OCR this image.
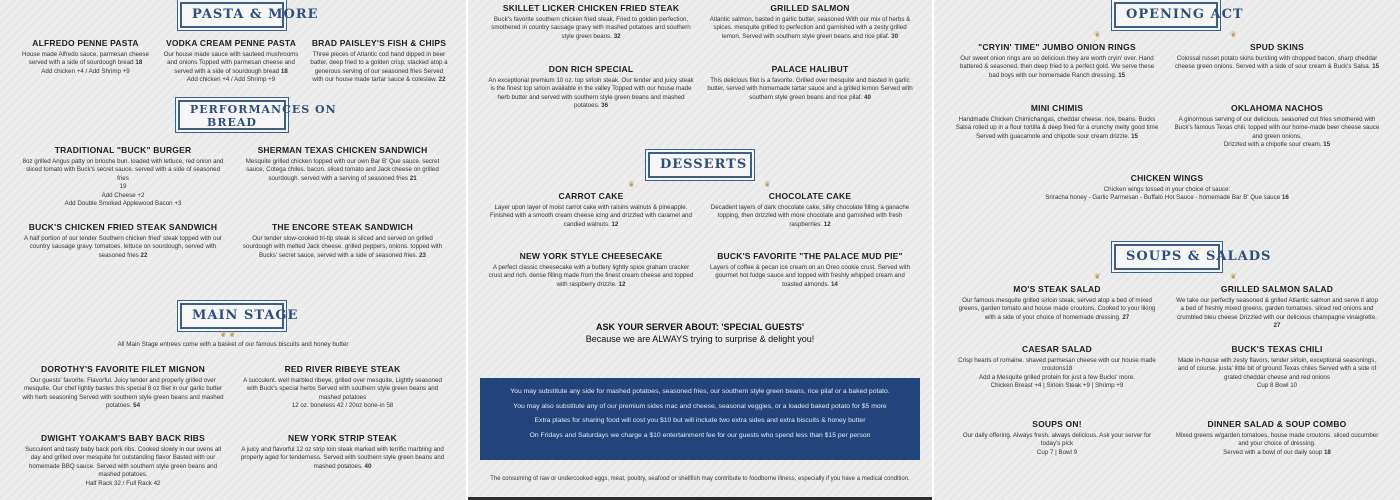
PASTA & MORE
ALFREDO PENNE PASTA
House made Alfredo sauce, parmesan cheese served with a side of sourdough bread 18
Add chicken +4 / Add Shrimp +9
VODKA CREAM PENNE PASTA
Our house made sauce with sauteed mushrooms and onions Topped with parmesan cheese and served with a side of sourdough bread 18
Add chicken +4 / Add Shrimp +9
BRAD PAISLEY'S FISH & CHIPS
Three pieces of Atlantic cod hand dipped in beer batter, deep fried to a golden crisp, stacked atop a generous serving of our seasoned fries Served with our house made tartar sauce & coleslaw. 22
PERFORMANCES ON
BREAD
TRADITIONAL "BUCK" BURGER
8oz grilled Angus patty on brioche bun. loaded with lettuce, red onion and sliced tomato with Buck's secret sauce. served with a side of seasoned fries
19
Add Cheese +2
Add Double Smoked Applewood Bacon +3
SHERMAN TEXAS CHICKEN SANDWICH
Mesquite grilled chicken topped with our own Bar B' Que sauce. secret sauce, Cotega chiles. bacon. sliced tomato and Jack cheese on grilled sourdough. served with a serving of seasoned fries 21
BUCK'S CHICKEN FRIED STEAK SANDWICH
A half portion of our tender Southern chicken fried' steak topped with our country sausage gravy. tomatoes. lettuce on sourdough, served with seasoned fries 22
THE ENCORE STEAK SANDWICH
Our tender slow-cooked tri-tip steak is sliced and served on grilled sourdough with melted Jack cheese. grilled peppers, onions. topped with Bucks' secret sauce, served with a side of seasoned fries. 23
MAIN STAGE
❦ ❦
All Main Stage entrees come with a basket of our famous biscuits and honey butter
DOROTHY'S FAVORITE FILET MIGNON
Our guests' favorite. Flavorful. Juicy tender and properly grilled over mesquite. Our chef lightly bastes this special 8 oz filet in our garlic butter with herb seasoning Served with southern style green beans and mashed potatoes. 54
RED RIVER RIBEYE STEAK
A succulent. well marbled ribeye, grilled over mesquite, Lightly seasoned with Buck's special herbs Served with southern style green beans and mashed potatoes
12 oz. boneless 42 / 20oz bone-in 58
DWIGHT YOAKAM'S BABY BACK RIBS
Succulent and tasty baby back pork ribs. Cooked slowly in our ovens all day and grilled over mesquite for outstanding flavor Basted with our homemade BBQ sauce. Served with southern style green beans and mashed potatoes.
Half Rack 32 / Full Rack 42
NEW YORK STRIP STEAK
A juicy and flavorful 12 oz strip loin steak marked with terrific marbling and properly aged for tenderness. Served with southern style green beans and mashed potatoes. 40
SKILLET LICKER CHICKEN FRIED STEAK
Buck's favorite southern chicken fried steak. Fried to golden perfection, smothered in country sausage gravy with mashed potatoes and southern style green beans. 32
GRILLED SALMON
Atlantic salmon, basted in garlic butter, seasoned With our mix of herbs & spices. mesquite grilled to perfection and garnished with a zesty grilled lemon. Served with southern style green beans and rice pilaf. 30
DON RICH SPECIAL
An exceptional premium 10 oz. top sirloin steak. Our tender and juicy steak is the finest top sirloin available in the valley Topped with our house made herb butter and served with southern style green beans and mashed potatoes. 36
PALACE HALIBUT
This delicious filet is a favorite. Grilled over mesquite and basted in garlic butter, served with homemade tartar sauce and a grilled lemon Served with southern style green beans and rice pilaf. 40
DESSERTS
❦	❦
CARROT CAKE
Layer upon layer of moist carrot cake with raisins walnuts & pineapple. Finished with a smooth cream cheese icing and drizzled with caramel and candied walnuts. 12
CHOCOLATE CAKE
Decadent layers of dark chocolate cake, silky chocolate filling a ganache topping, then drizzled with more chocolate and garnished with fresh raspberries. 12
NEW YORK STYLE CHEESECAKE
A perfect classic cheesecake with a buttery lightly spice graham cracker crust and rich. dense filling made from the finest cream cheese and topped with raspberry drizzle. 12
BUCK'S FAVORITE "THE PALACE MUD PIE"
Layers of coffee & pecan ice cream on an Oreo cookie crust. Served with gourmet hot fudge sauce and topped with freshly whipped cream and toasted almonds. 14
ASK YOUR SERVER ABOUT: 'SPECIAL GUESTS'
Because we are ALWAYS trying to surprise & delight you!
You may substitute any side for mashed potatoes, seasoned fries, our southern style green beans, rice pilaf or a baked potato.
You may also substitute any of our premium sides mac and cheese, seasonal veggies, or a loaded baked potato for $5 more
Extra plates for sharing food will cost you $10 but will include two extra sides and extra biscuits & honey butter
On Fridays and Saturdays we charge a $10 entertainment fee for our guests who spend less than $15 per person
The consuming of raw or undercooked eggs, meat, poultry, seafood or shellfish may contribute to foodborne illness, especially if you have a medical condition.
OPENING ACT
❦	❦
"CRYIN' TIME" JUMBO ONION RINGS
Our sweet onion rings are so delicious they are worth cryin' over. Hand battered & seasoned. then deep fried to a perfect gold. We serve these bad boys with our homemade Ranch dressing. 15
SPUD SKINS
Colossal russet potato skins bursting with chopped bacon, sharp cheddar cheese green onions. Served with a side of sour cream & Buck's Salsa. 15
MINI CHIMIS
Handmade Chicken Chimichangas, cheddar cheese. rice, beans. Bucks Salsa rolled up in a flour tortilla & deep fried for a crunchy melty good time Served with guacamole and chipotle sour cream drizzle. 15
OKLAHOMA NACHOS
A ginormous serving of our delicious. seasoned cut fries smothered with Buck's famous Texas chili. topped with our home-made beer cheese sauce and green onions.
Drizzled with a chipotle sour cream. 15
CHICKEN WINGS
Chicken wings tossed in your choice of sauce:
Sriracha honey - Garlic Parmesan - Buffalo Hot Sauce - homemade Bar B' Que sauce 16
SOUPS & SALADS
❦	❦
MO'S STEAK SALAD
Our famous mesquite grilled sirloin steak, served atop a bed of mixed greens, garden tomato and house made croutons. Cooked to your liking with a side of your choice of homemade dressing. 27
GRILLED SALMON SALAD
We take our perfectly seasoned & grilled Atlantic salmon and serve it atop a bed of freshly mixed greens, garden tomatoes. sliced red onions and crumbled bleu cheese Drizzled with our delicious champagne vinaigrette. 27
CAESAR SALAD
Crisp hearts of romaine. shaved parmesan cheese with our house made croutons18
Add a Mesquite grilled protein for just a few Bucks' more.
Chicken Breast +4 | Sirloin Steak +9 | Shrimp +9
BUCK'S TEXAS CHILI
Made in-house with zesty flavors, tender sirloin, exceptional seasonings, and of course. justa' little bit of ground Texas chiles Served with a side of grated cheddar cheese and red onions
Cup 8 Bowl 10
SOUPS ON!
Our daily offering. Always fresh. always delicious. Ask your server for today's pick
Cup 7 | Bowl 9
DINNER SALAD & SOUP COMBO
Mixed greens w/garden tomatoes, house made croutons. sliced cucumber and your choice of dressing.
Served with a bowl of our daily soup 18
